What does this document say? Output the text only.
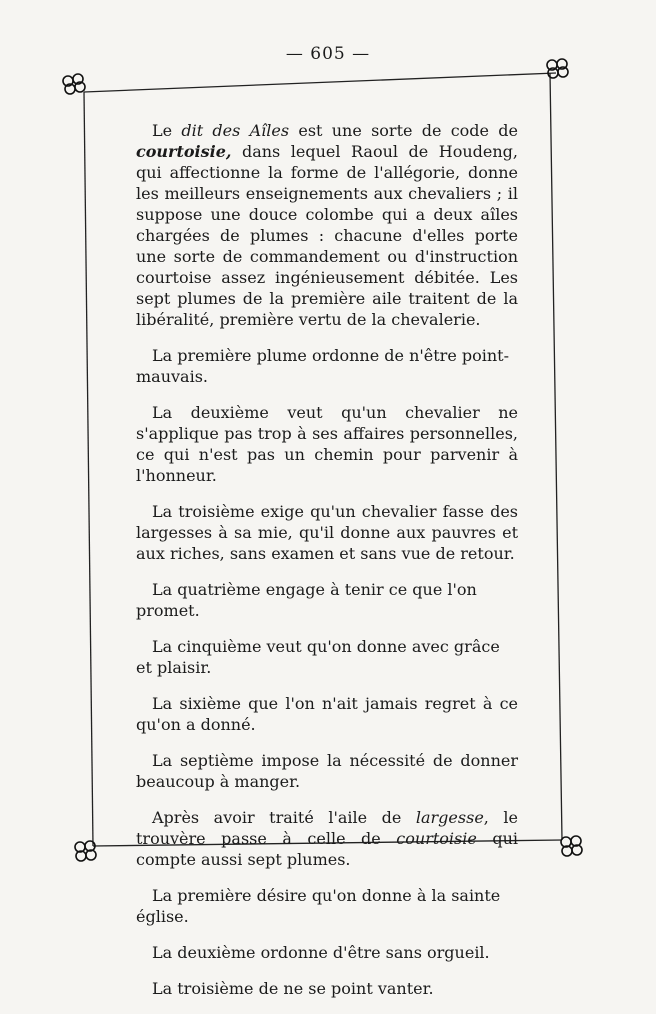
— 605 —

Le dit des Aîles est une sorte de code de courtoisie, dans lequel Raoul de Houdeng, qui affectionne la forme de l'allégorie, donne les meilleurs enseignements aux chevaliers ; il suppose une douce colombe qui a deux aîles chargées de plumes : chacune d'elles porte une sorte de commandement ou d'instruction courtoise assez ingénieusement débitée. Les sept plumes de la première aile traitent de la libéralité, première vertu de la chevalerie.

La première plume ordonne de n'être point-mauvais.

La deuxième veut qu'un chevalier ne s'applique pas trop à ses affaires personnelles, ce qui n'est pas un chemin pour parvenir à l'honneur.

La troisième exige qu'un chevalier fasse des largesses à sa mie, qu'il donne aux pauvres et aux riches, sans examen et sans vue de retour.

La quatrième engage à tenir ce que l'on promet.

La cinquième veut qu'on donne avec grâce et plaisir.

La sixième que l'on n'ait jamais regret à ce qu'on a donné.

La septième impose la nécessité de donner beaucoup à manger.

Après avoir traité l'aile de largesse, le trouvère passe à celle de courtoisie qui compte aussi sept plumes.

La première désire qu'on donne à la sainte église.

La deuxième ordonne d'être sans orgueil.

La troisième de ne se point vanter.
